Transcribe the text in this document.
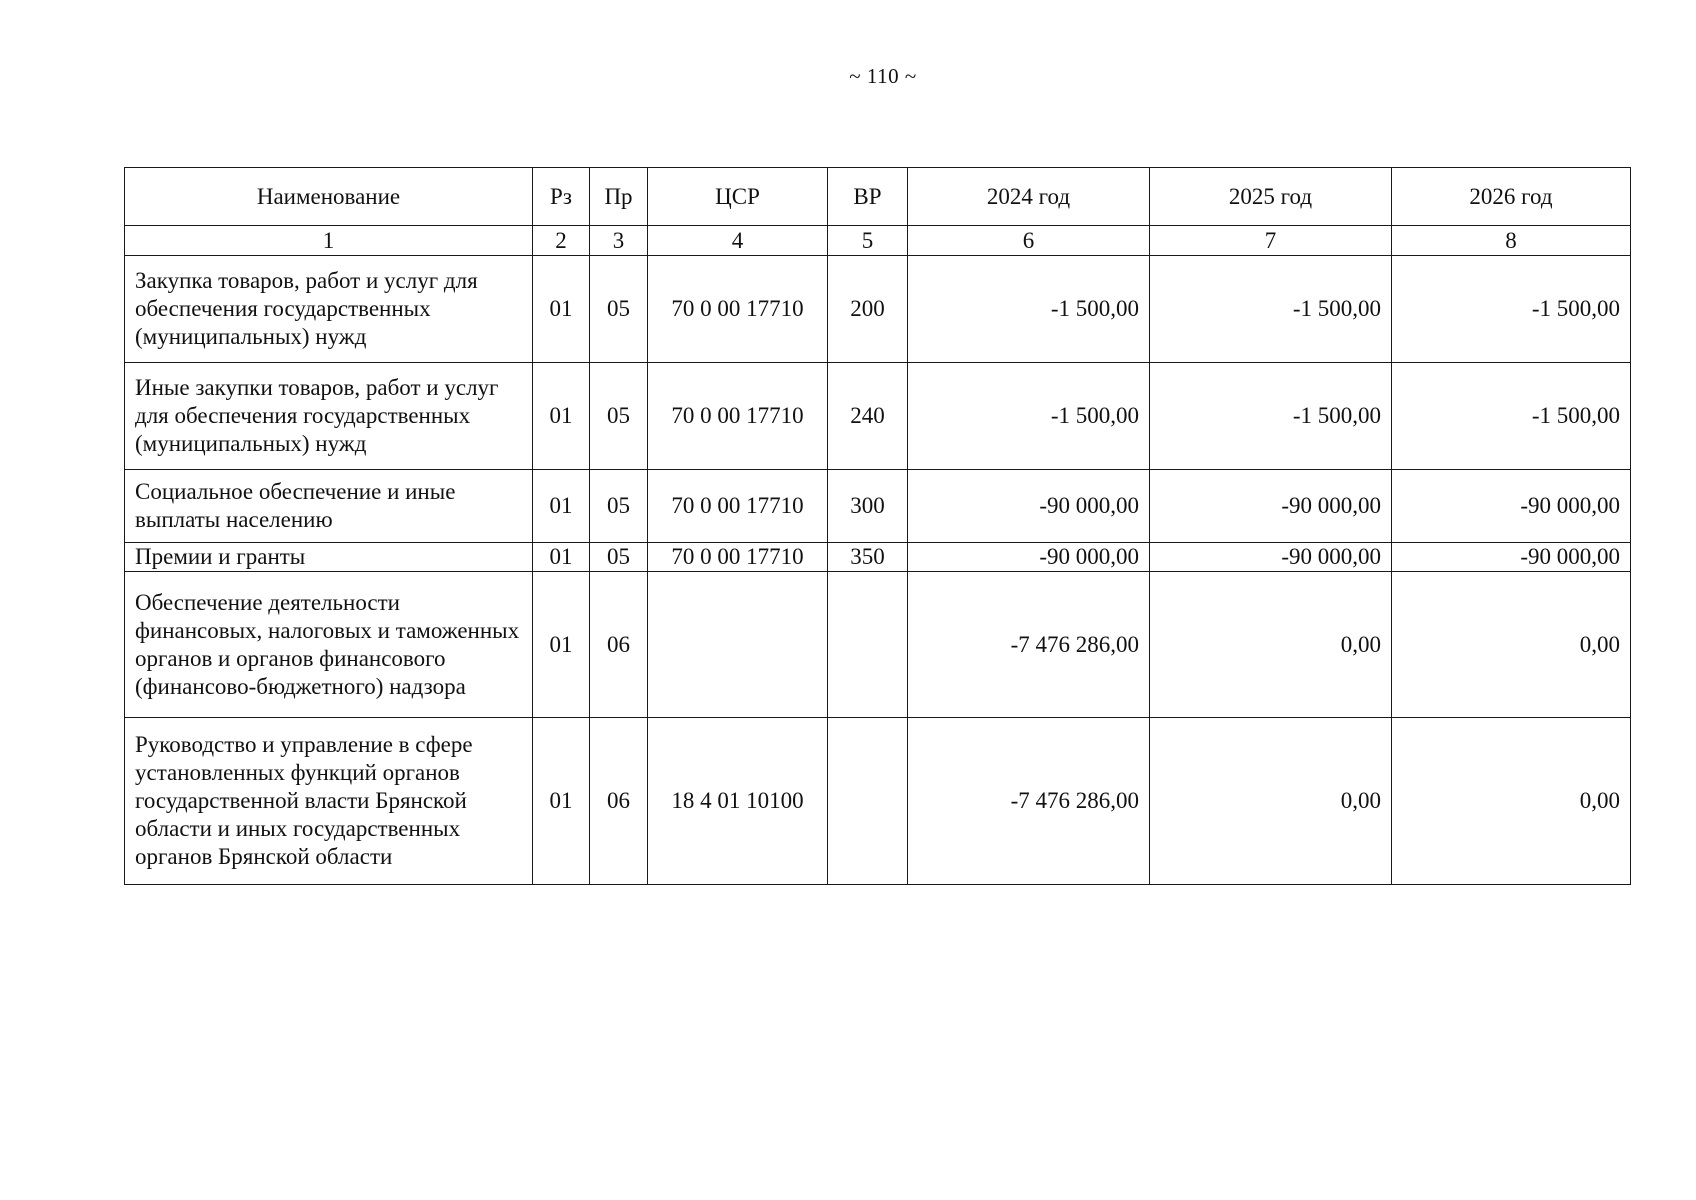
~ 110 ~
Наименование	Рз	Пр	ЦСР	ВР	2024 год	2025 год	2026 год
1	2	3	4	5	6	7	8
Закупка товаров, работ и услуг для обеспечения государственных (муниципальных) нужд	01	05	70 0 00 17710	200	-1 500,00	-1 500,00	-1 500,00
Иные закупки товаров, работ и услуг для обеспечения государственных (муниципальных) нужд	01	05	70 0 00 17710	240	-1 500,00	-1 500,00	-1 500,00
Социальное обеспечение и иные выплаты населению	01	05	70 0 00 17710	300	-90 000,00	-90 000,00	-90 000,00
Премии и гранты	01	05	70 0 00 17710	350	-90 000,00	-90 000,00	-90 000,00
Обеспечение деятельности финансовых, налоговых и таможенных органов и органов финансового (финансово-бюджетного) надзора	01	06			-7 476 286,00	0,00	0,00
Руководство и управление в сфере установленных функций органов государственной власти Брянской области и иных государственных органов Брянской области	01	06	18 4 01 10100		-7 476 286,00	0,00	0,00
